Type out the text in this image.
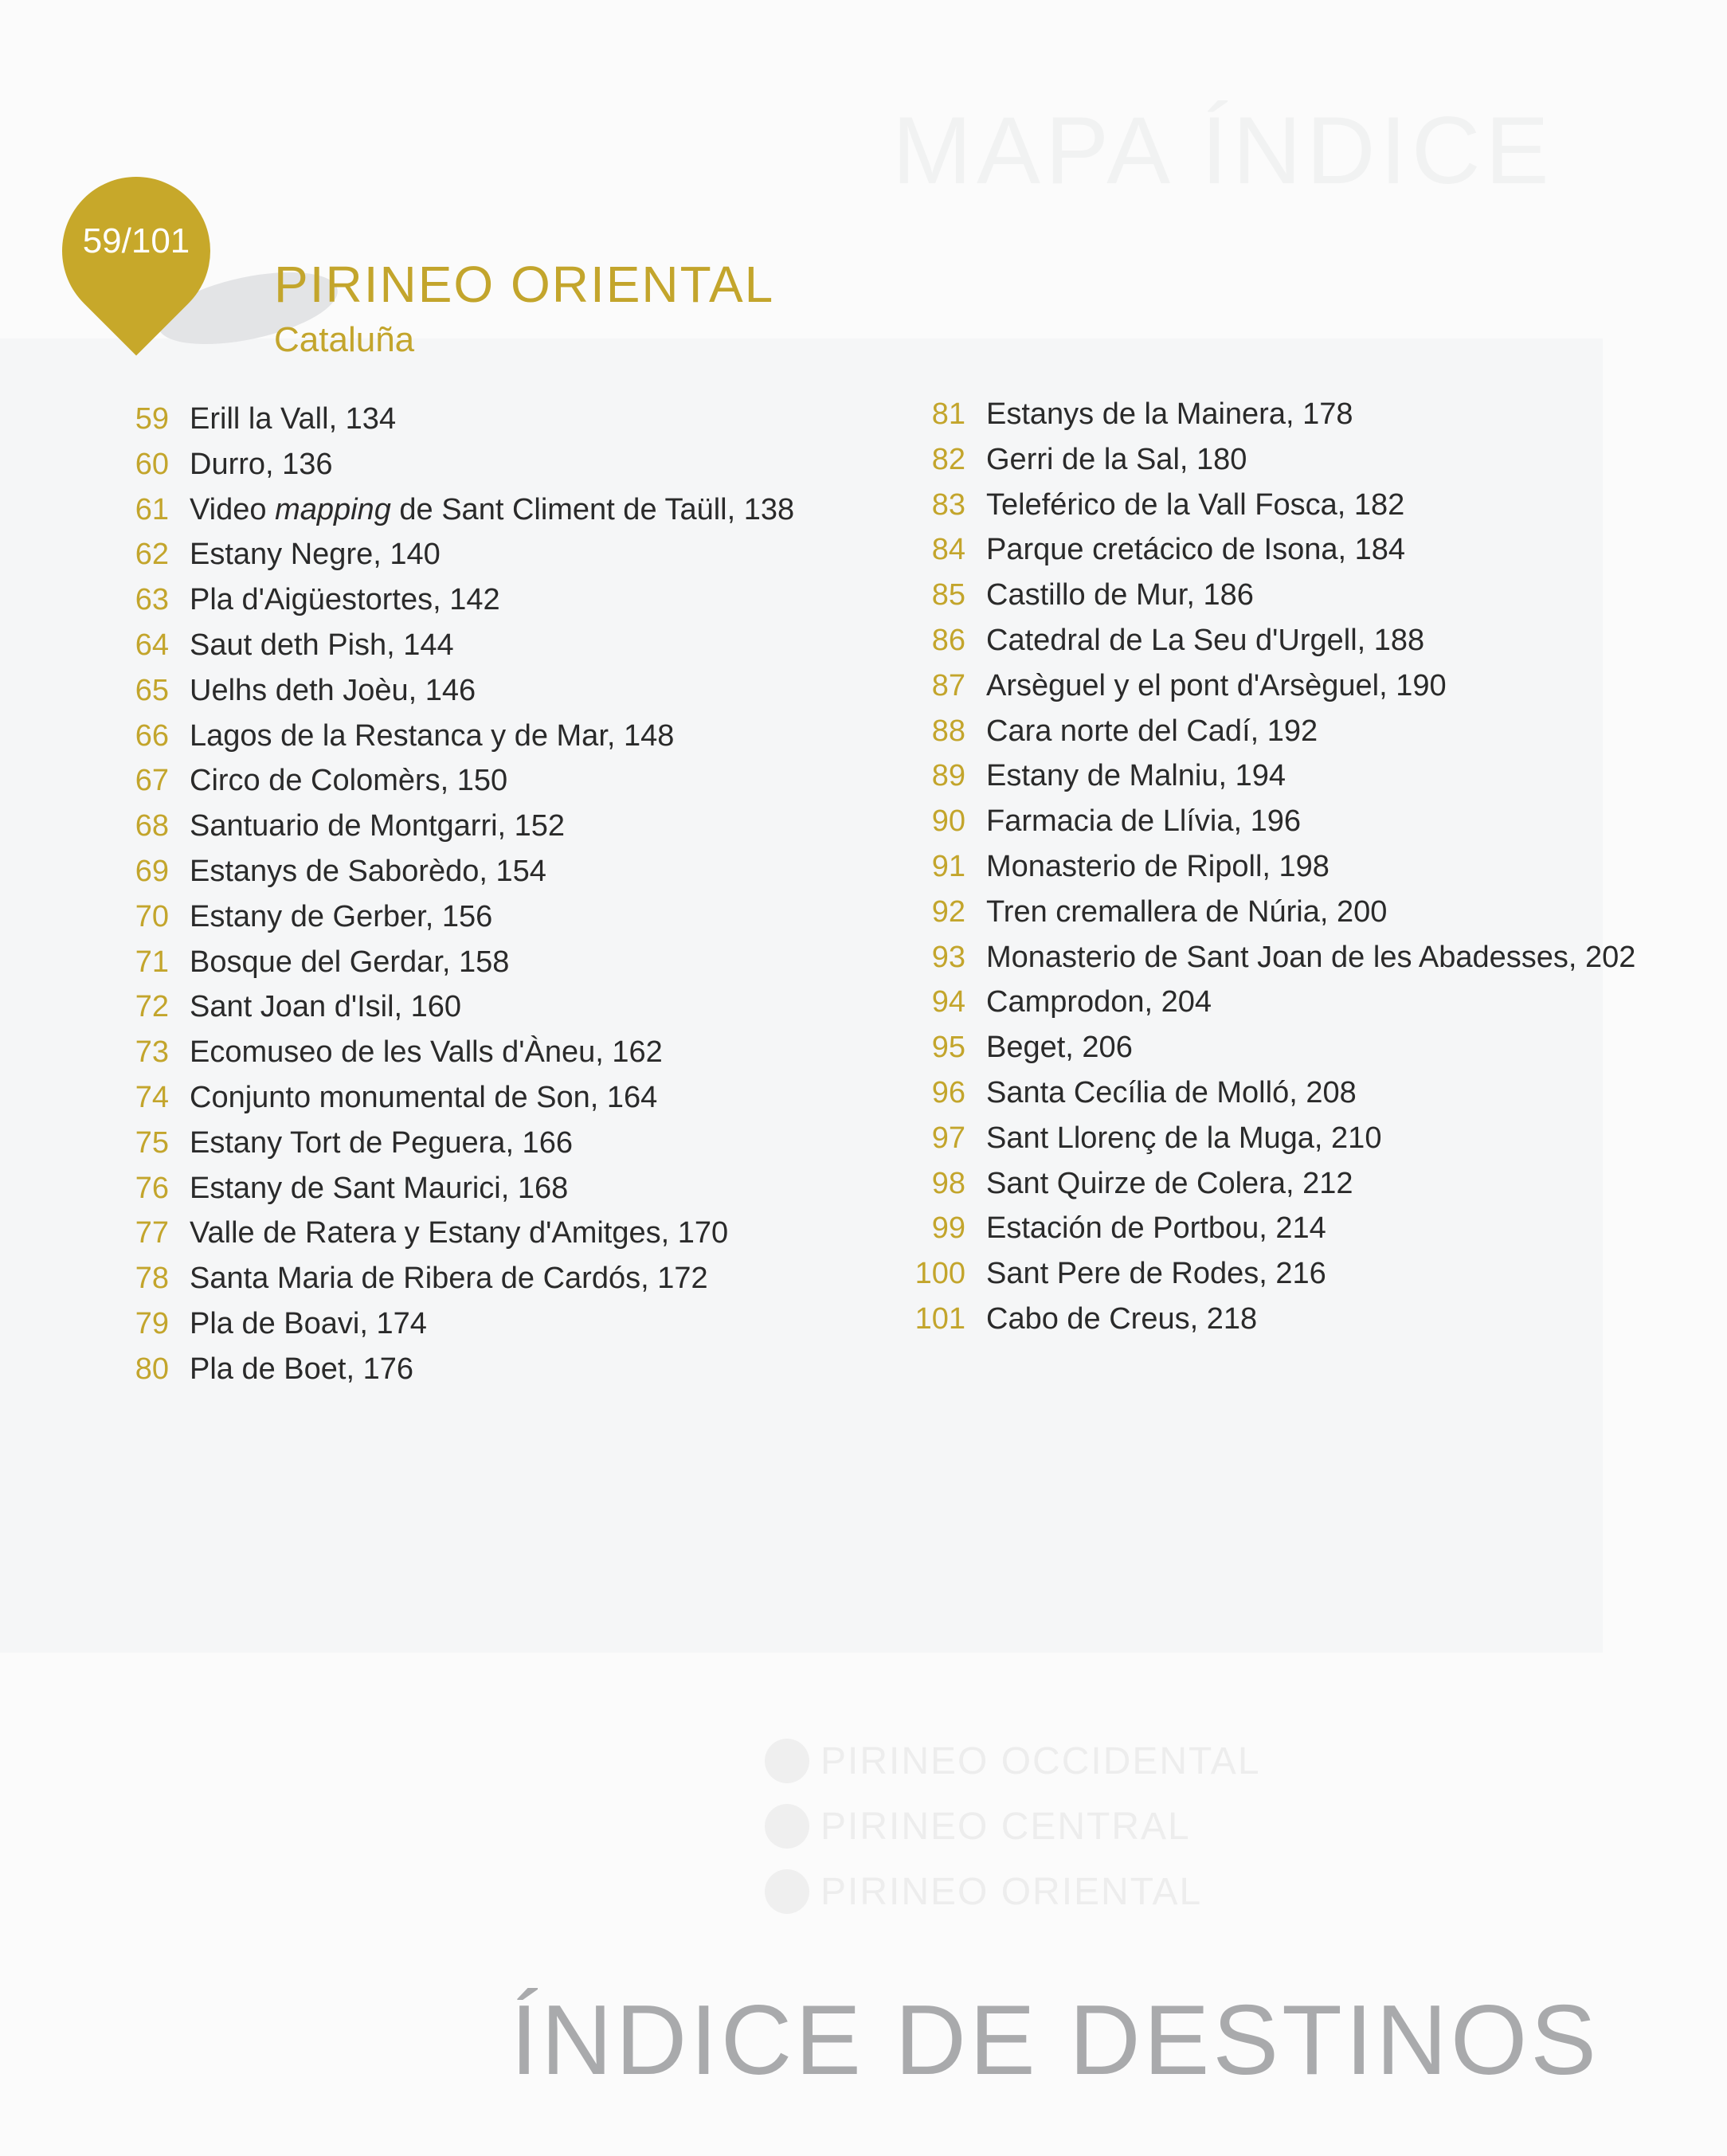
MAPA ÍNDICE
59/101
PIRINEO ORIENTAL
Cataluña
59 Erill la Vall, 134
60 Durro, 136
61 Video mapping de Sant Climent de Taüll, 138
62 Estany Negre, 140
63 Pla d'Aigüestortes, 142
64 Saut deth Pish, 144
65 Uelhs deth Joèu, 146
66 Lagos de la Restanca y de Mar, 148
67 Circo de Colomèrs, 150
68 Santuario de Montgarri, 152
69 Estanys de Saborèdo, 154
70 Estany de Gerber, 156
71 Bosque del Gerdar, 158
72 Sant Joan d'Isil, 160
73 Ecomuseo de les Valls d'Àneu, 162
74 Conjunto monumental de Son, 164
75 Estany Tort de Peguera, 166
76 Estany de Sant Maurici, 168
77 Valle de Ratera y Estany d'Amitges, 170
78 Santa Maria de Ribera de Cardós, 172
79 Pla de Boavi, 174
80 Pla de Boet, 176
81 Estanys de la Mainera, 178
82 Gerri de la Sal, 180
83 Teleférico de la Vall Fosca, 182
84 Parque cretácico de Isona, 184
85 Castillo de Mur, 186
86 Catedral de La Seu d'Urgell, 188
87 Arsèguel y el pont d'Arsèguel, 190
88 Cara norte del Cadí, 192
89 Estany de Malniu, 194
90 Farmacia de Llívia, 196
91 Monasterio de Ripoll, 198
92 Tren cremallera de Núria, 200
93 Monasterio de Sant Joan de les Abadesses, 202
94 Camprodon, 204
95 Beget, 206
96 Santa Cecília de Molló, 208
97 Sant Llorenç de la Muga, 210
98 Sant Quirze de Colera, 212
99 Estación de Portbou, 214
100 Sant Pere de Rodes, 216
101 Cabo de Creus, 218
PIRINEO OCCIDENTAL
PIRINEO CENTRAL
PIRINEO ORIENTAL
ÍNDICE DE DESTINOS
